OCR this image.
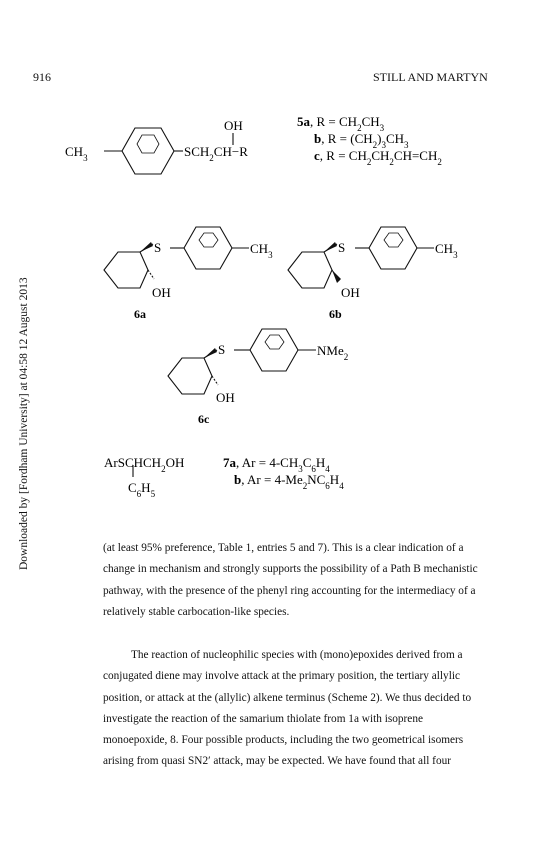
916	STILL AND MARTYN
Downloaded by [Fordham University] at 04:58 12 August 2013
$CH_3$
OH
$SCH_2CH-R$
5a, $R = CH_2CH_3$
b, $R = (CH_2)_3CH_3$
c, $R = CH_2CH_2CH=CH_2$
S	$CH_3$
OH
6a
S	$CH_3$
OH
6b
S	NMe$_2$
OH
6c
ArSCHCH$_2$OH
$C_6H_5$
7a, $Ar = 4-CH_3C_6H_4$
b, $Ar = 4-Me_2NC_6H_4$
(at least 95% preference, Table 1, entries 5 and 7). This is a clear indication of a
change in mechanism and strongly supports the possibility of a Path B mechanistic
pathway, with the presence of the phenyl ring accounting for the intermediacy of a
relatively stable carbocation-like species.
The reaction of nucleophilic species with (mono)epoxides derived from a
conjugated diene may involve attack at the primary position, the tertiary allylic
position, or attack at the (allylic) alkene terminus (Scheme 2). We thus decided to
investigate the reaction of the samarium thiolate from 1a with isoprene
monoepoxide, 8. Four possible products, including the two geometrical isomers
arising from quasi SN2′ attack, may be expected. We have found that all four
